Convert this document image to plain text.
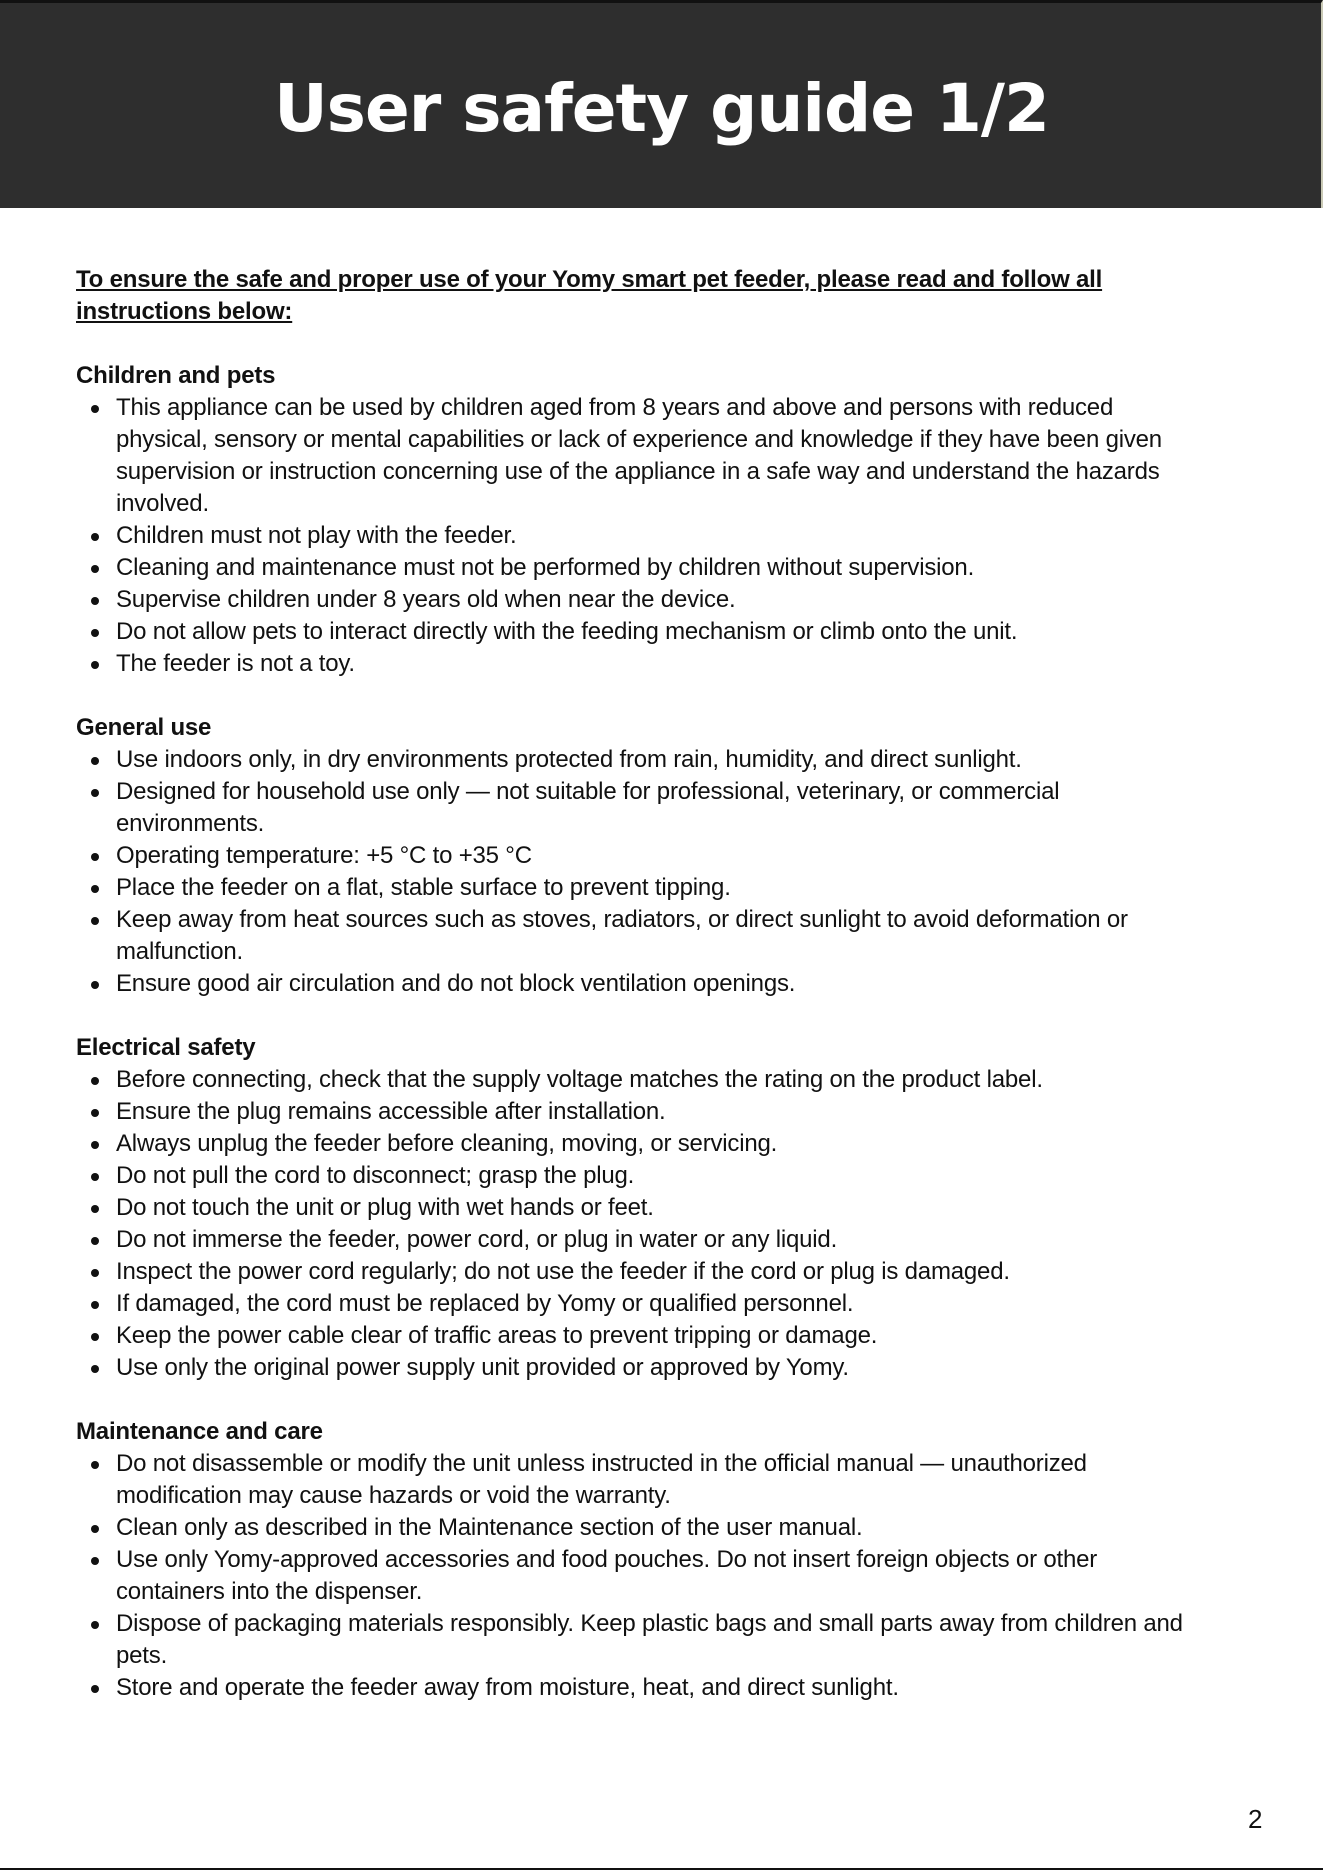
User safety guide 1/2

To ensure the safe and proper use of your Yomy smart pet feeder, please read and follow all instructions below:

Children and pets
This appliance can be used by children aged from 8 years and above and persons with reduced physical, sensory or mental capabilities or lack of experience and knowledge if they have been given supervision or instruction concerning use of the appliance in a safe way and understand the hazards involved.
Children must not play with the feeder.
Cleaning and maintenance must not be performed by children without supervision.
Supervise children under 8 years old when near the device.
Do not allow pets to interact directly with the feeding mechanism or climb onto the unit.
The feeder is not a toy.
General use
Use indoors only, in dry environments protected from rain, humidity, and direct sunlight.
Designed for household use only — not suitable for professional, veterinary, or commercial environments.
Operating temperature: +5 °C to +35 °C
Place the feeder on a flat, stable surface to prevent tipping.
Keep away from heat sources such as stoves, radiators, or direct sunlight to avoid deformation or malfunction.
Ensure good air circulation and do not block ventilation openings.
Electrical safety
Before connecting, check that the supply voltage matches the rating on the product label.
Ensure the plug remains accessible after installation.
Always unplug the feeder before cleaning, moving, or servicing.
Do not pull the cord to disconnect; grasp the plug.
Do not touch the unit or plug with wet hands or feet.
Do not immerse the feeder, power cord, or plug in water or any liquid.
Inspect the power cord regularly; do not use the feeder if the cord or plug is damaged.
If damaged, the cord must be replaced by Yomy or qualified personnel.
Keep the power cable clear of traffic areas to prevent tripping or damage.
Use only the original power supply unit provided or approved by Yomy.
Maintenance and care
Do not disassemble or modify the unit unless instructed in the official manual — unauthorized modification may cause hazards or void the warranty.
Clean only as described in the Maintenance section of the user manual.
Use only Yomy-approved accessories and food pouches. Do not insert foreign objects or other containers into the dispenser.
Dispose of packaging materials responsibly. Keep plastic bags and small parts away from children and pets.
Store and operate the feeder away from moisture, heat, and direct sunlight.
2
